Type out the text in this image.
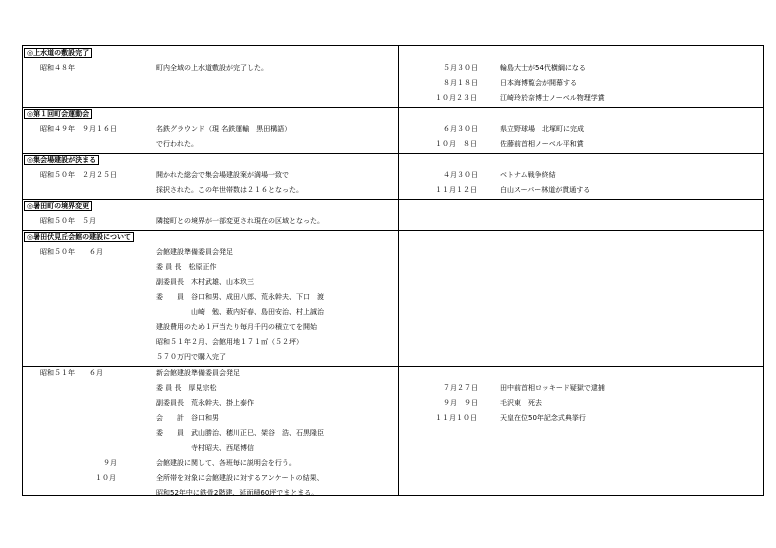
◎上水道の敷設完了
昭和４８年	町内全域の上水道敷設が完了した。	５月３０日	輪島大士が54代横綱になる
８月１８日	日本海博覧会が開幕する
１０月２３日	江崎玲於奈博士ノーベル物理学賞
◎第１回町会運動会
昭和４９年　９月１６日	名鉄グラウンド（現 名鉄運輸　黒田構語）
で行われた。
６月３０日	県立野球場　北塚町に完成
１０月　８日	佐藤前首相ノーベル平和賞
◎集会場建設が決まる
昭和５０年　２月２５日	開かれた総会で集会場建設案が満場一致で
採択された。この年世帯数は２１６となった。
４月３０日	ベトナム戦争終結
１１月１２日	白山スーパー林道が貫通する
◎暑田町の境界変更
昭和５０年　５月	隣接町との境界が一部変更され現在の区域となった。
◎暑田伏見丘会館の建設について
昭和５０年　　６月	会館建設準備委員会発足
委 員 長　松原正作
副委員長　木村武雄、山本玖三
委　　員　谷口和男、成田八郎、荒永幹夫、下口　渡
　　　　　山崎　勉、薮内好春、島田安治、村上誠治
建設費用のため１戸当たり毎月千円の積立てを開始
昭和５１年２月、会館用地１７１㎡（５２坪）
５７０万円で購入完了
昭和５１年　　６月	新会館建設準備委員会発足
委 員 長　厚見宗松
副委員長　荒永幹夫、掛上泰作
会　　計　谷口和男
委　　員　武山勝治、穂川正巳、架谷　浩、石黒隆臣
　　　　　寺村昭夫、西尾博信
９月	会館建設に関して、各班毎に説明会を行う。
１０月	全所帯を対象に会館建設に対するアンケートの結果、
昭和52年中に鉄骨2階建、延面積60坪でまとまる。
７月２７日	田中前首相ロッキード疑獄で逮捕
９月　９日	毛沢東　死去
１１月１０日	天皇在位50年記念式典挙行
